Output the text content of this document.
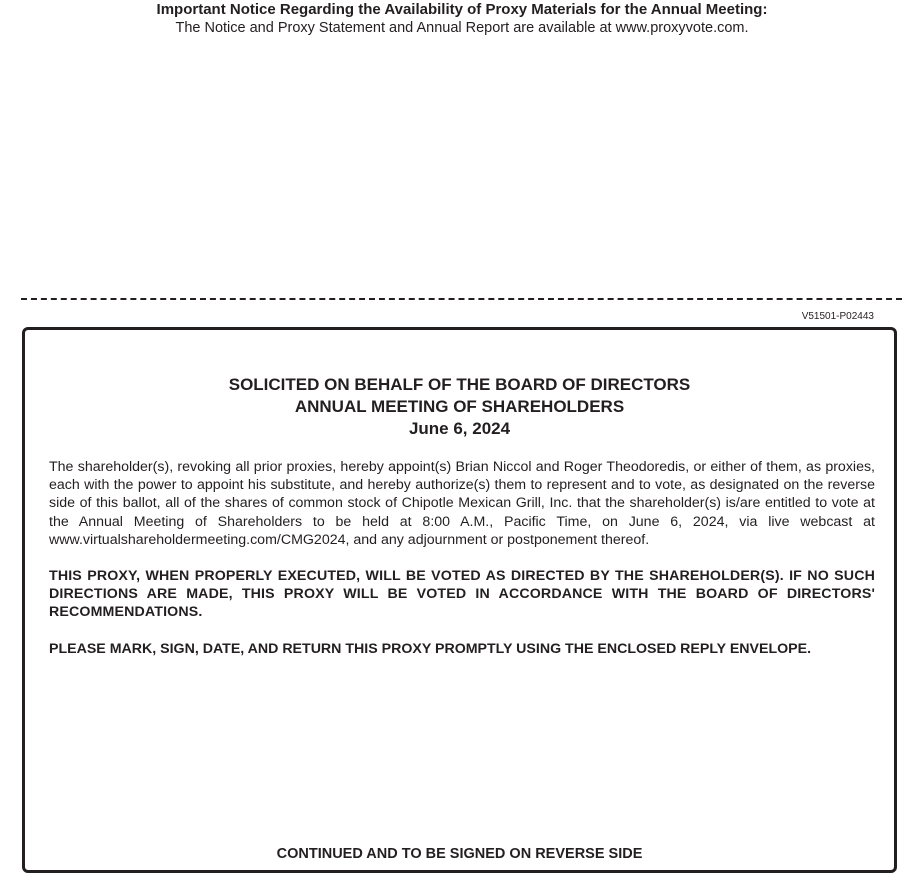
Important Notice Regarding the Availability of Proxy Materials for the Annual Meeting:
The Notice and Proxy Statement and Annual Report are available at www.proxyvote.com.
V51501-P02443
SOLICITED ON BEHALF OF THE BOARD OF DIRECTORS
ANNUAL MEETING OF SHAREHOLDERS
June 6, 2024
The shareholder(s), revoking all prior proxies, hereby appoint(s) Brian Niccol and Roger Theodoredis, or either of them, as proxies, each with the power to appoint his substitute, and hereby authorize(s) them to represent and to vote, as designated on the reverse side of this ballot, all of the shares of common stock of Chipotle Mexican Grill, Inc. that the shareholder(s) is/are entitled to vote at the Annual Meeting of Shareholders to be held at 8:00 A.M., Pacific Time, on June 6, 2024, via live webcast at www.virtualshareholdermeeting.com/CMG2024, and any adjournment or postponement thereof.
THIS PROXY, WHEN PROPERLY EXECUTED, WILL BE VOTED AS DIRECTED BY THE SHAREHOLDER(S). IF NO SUCH DIRECTIONS ARE MADE, THIS PROXY WILL BE VOTED IN ACCORDANCE WITH THE BOARD OF DIRECTORS' RECOMMENDATIONS.
PLEASE MARK, SIGN, DATE, AND RETURN THIS PROXY PROMPTLY USING THE ENCLOSED REPLY ENVELOPE.
CONTINUED AND TO BE SIGNED ON REVERSE SIDE
